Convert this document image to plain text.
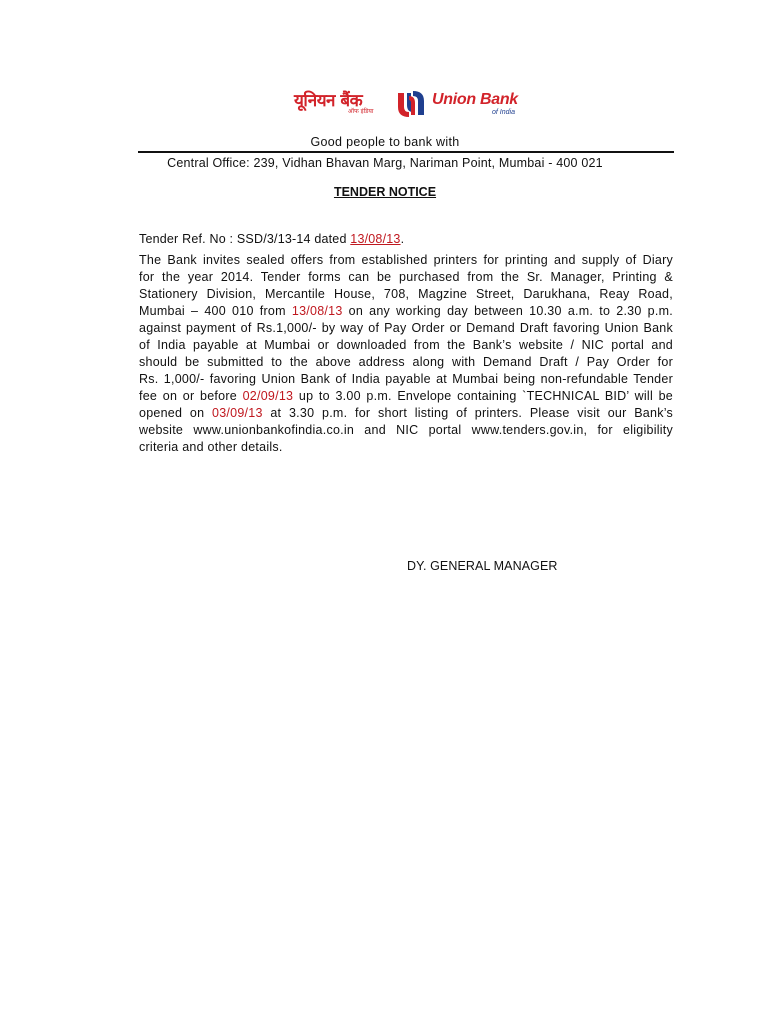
यूनियन बैंक
ऑफ इंडिया
Union Bank
of India
Good people to bank with
Central Office: 239, Vidhan Bhavan Marg, Nariman Point, Mumbai - 400 021
TENDER NOTICE
Tender Ref. No : SSD/3/13-14 dated 13/08/13.
The Bank invites sealed offers from established printers for printing and supply of Diary
for the year 2014. Tender forms can be purchased from the Sr. Manager, Printing &
Stationery Division, Mercantile House, 708, Magzine Street, Darukhana, Reay Road,
Mumbai – 400 010 from 13/08/13 on any working day between 10.30 a.m. to 2.30 p.m.
against payment of Rs.1,000/- by way of Pay Order or Demand Draft favoring Union Bank
of India payable at Mumbai or downloaded from the Bank’s website / NIC portal and
should be submitted to the above address along with Demand Draft / Pay Order for
Rs. 1,000/- favoring Union Bank of India payable at Mumbai being non-refundable Tender
fee on or before 02/09/13 up to 3.00 p.m. Envelope containing `TECHNICAL BID’ will be
opened on 03/09/13 at 3.30 p.m. for short listing of printers. Please visit our Bank’s
website www.unionbankofindia.co.in and NIC portal www.tenders.gov.in, for eligibility
criteria and other details.
DY. GENERAL MANAGER
